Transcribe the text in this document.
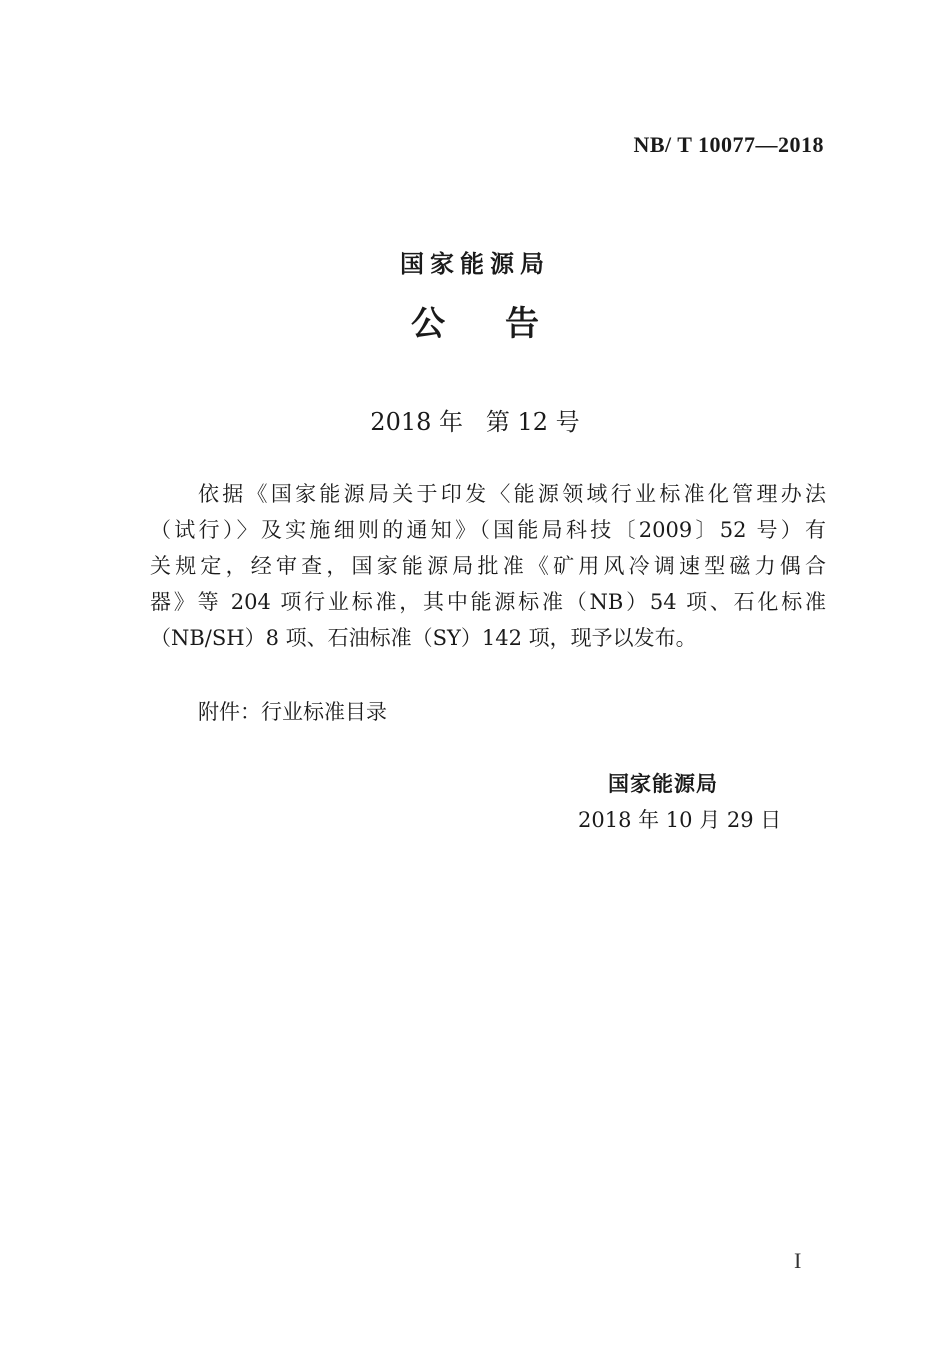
NB/ T 10077—2018
国家能源局
公告
2018 年   第 12 号
依据《国家能源局关于印发〈能源领域行业标准化管理办法
（试行）〉及实施细则的通知》（国能局科技〔2009〕52 号）有
关规定，经审查，国家能源局批准《矿用风冷调速型磁力偶合
器》等 204 项行业标准，其中能源标准（NB）54 项、石化标准
（NB/SH）8 项、石油标准（SY）142 项，现予以发布。
附件：行业标准目录
国家能源局
2018 年 10 月 29 日
I
